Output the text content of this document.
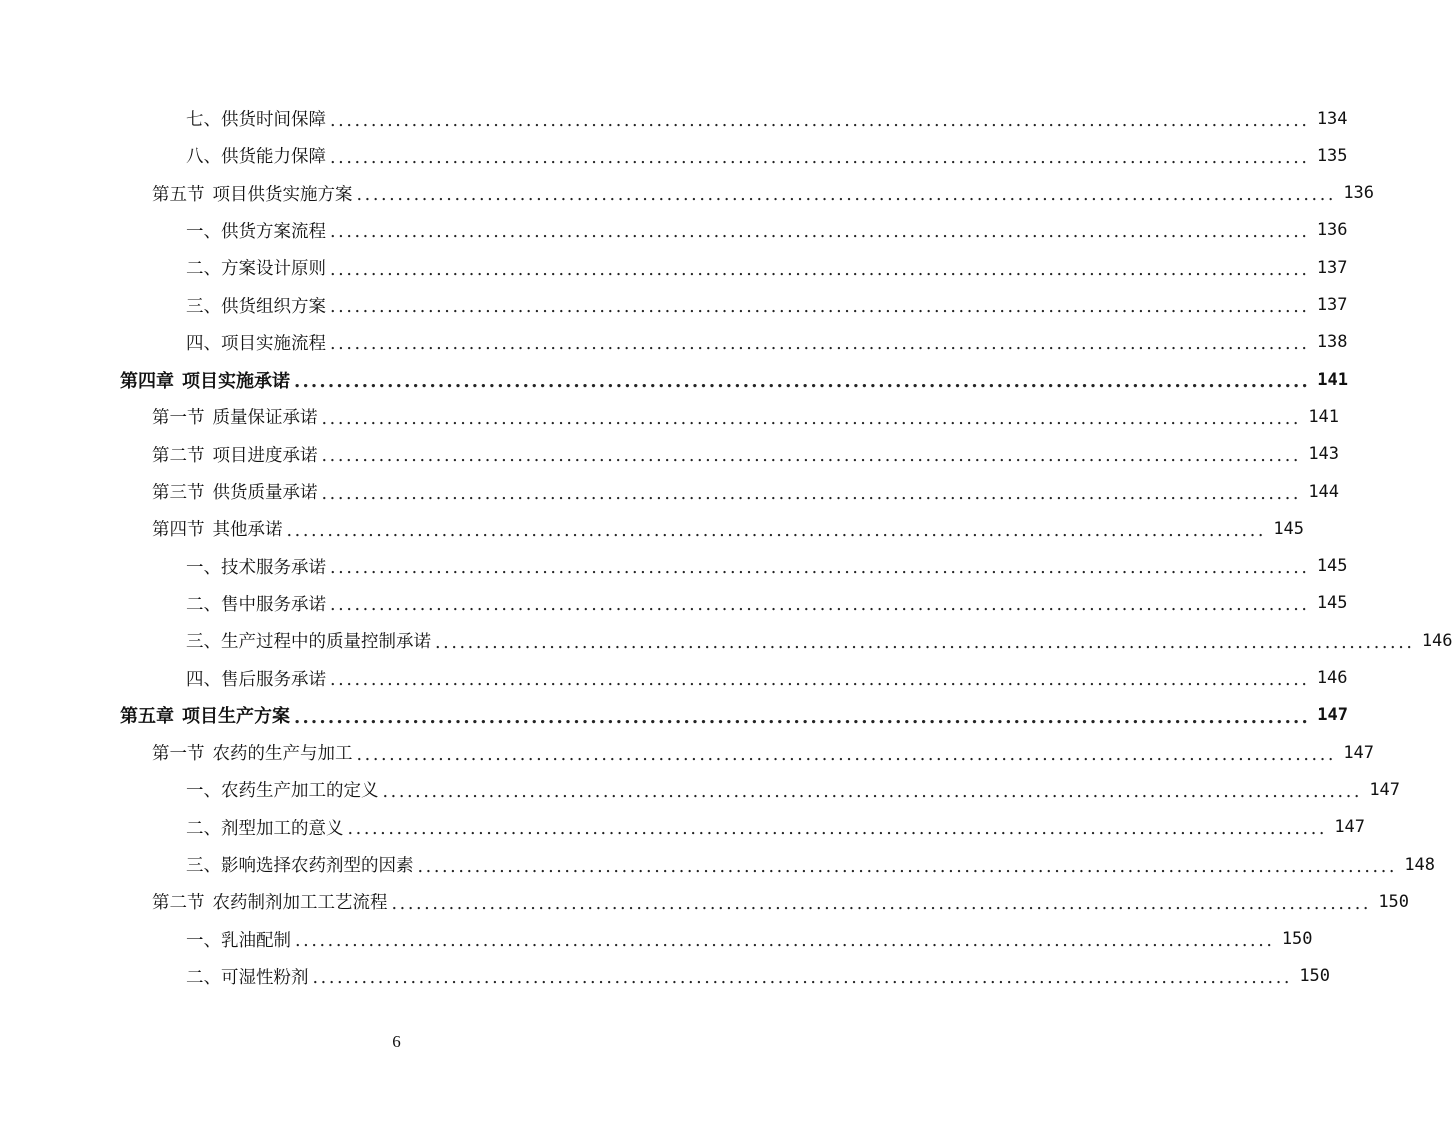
七、供货时间保障 ........................................................................................................................ 134
八、供货能力保障 ........................................................................................................................ 135
第五节 项目供货实施方案 ........................................................................................................................ 136
一、供货方案流程 ........................................................................................................................ 136
二、方案设计原则 ........................................................................................................................ 137
三、供货组织方案 ........................................................................................................................ 137
四、项目实施流程 ........................................................................................................................ 138
第四章 项目实施承诺 ........................................................................................................................ 141
第一节 质量保证承诺 ........................................................................................................................ 141
第二节 项目进度承诺 ........................................................................................................................ 143
第三节 供货质量承诺 ........................................................................................................................ 144
第四节 其他承诺 ........................................................................................................................ 145
一、技术服务承诺 ........................................................................................................................ 145
二、售中服务承诺 ........................................................................................................................ 145
三、生产过程中的质量控制承诺 ........................................................................................................................ 146
四、售后服务承诺 ........................................................................................................................ 146
第五章 项目生产方案 ........................................................................................................................ 147
第一节 农药的生产与加工 ........................................................................................................................ 147
一、农药生产加工的定义 ........................................................................................................................ 147
二、剂型加工的意义 ........................................................................................................................ 147
三、影响选择农药剂型的因素 ........................................................................................................................ 148
第二节 农药制剂加工工艺流程 ........................................................................................................................ 150
一、乳油配制 ........................................................................................................................ 150
二、可湿性粉剂 ........................................................................................................................ 150
6
